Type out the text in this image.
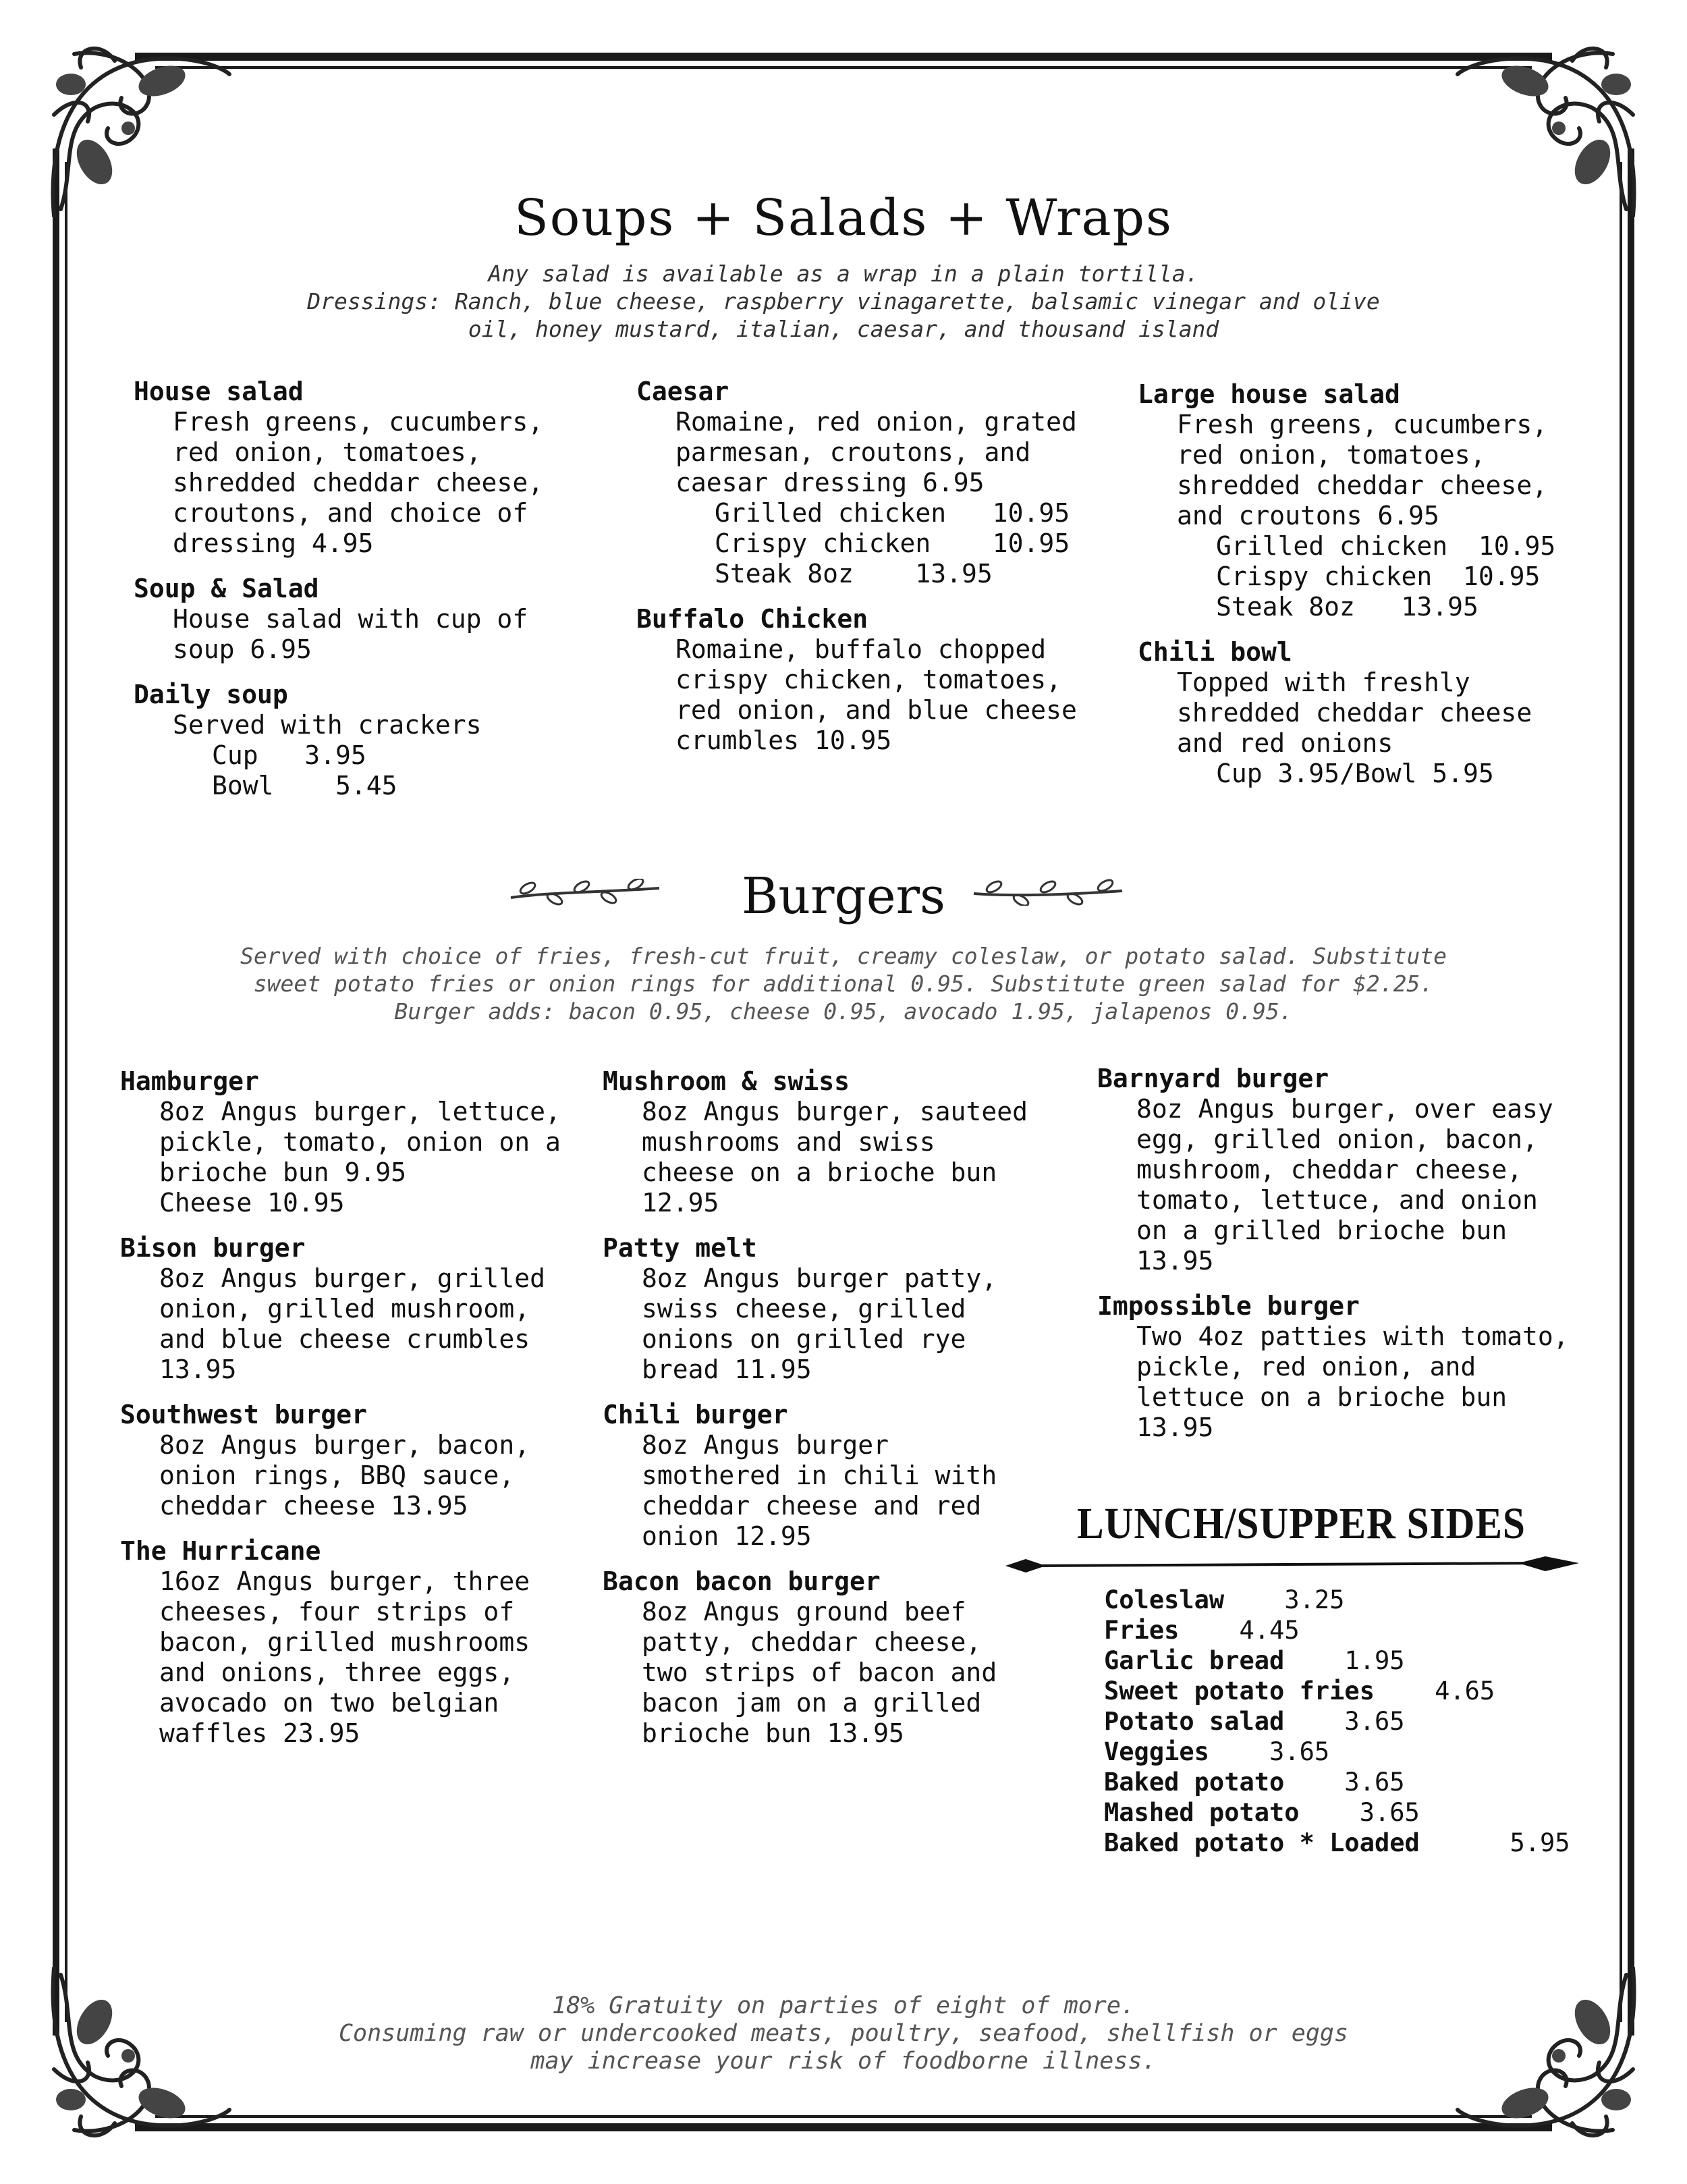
Soups + Salads + Wraps
Any salad is available as a wrap in a plain tortilla.
Dressings: Ranch, blue cheese, raspberry vinagarette, balsamic vinegar and olive
oil, honey mustard, italian, caesar, and thousand island
House salad
Fresh greens, cucumbers,
red onion, tomatoes,
shredded cheddar cheese,
croutons, and choice of
dressing 4.95
Soup & Salad
House salad with cup of
soup 6.95
Daily soup
Served with crackers
Cup   3.95
Bowl    5.45
Caesar
Romaine, red onion, grated
parmesan, croutons, and
caesar dressing 6.95
Grilled chicken   10.95
Crispy chicken    10.95
Steak 8oz    13.95
Buffalo Chicken
Romaine, buffalo chopped
crispy chicken, tomatoes,
red onion, and blue cheese
crumbles 10.95
Large house salad
Fresh greens, cucumbers,
red onion, tomatoes,
shredded cheddar cheese,
and croutons 6.95
Grilled chicken  10.95
Crispy chicken  10.95
Steak 8oz   13.95
Chili bowl
Topped with freshly
shredded cheddar cheese
and red onions
Cup 3.95/Bowl 5.95
Burgers
Served with choice of fries, fresh-cut fruit, creamy coleslaw, or potato salad. Substitute
sweet potato fries or onion rings for additional 0.95. Substitute green salad for $2.25.
Burger adds: bacon 0.95, cheese 0.95, avocado 1.95, jalapenos 0.95.
Hamburger
8oz Angus burger, lettuce,
pickle, tomato, onion on a
brioche bun 9.95
Cheese 10.95
Bison burger
8oz Angus burger, grilled
onion, grilled mushroom,
and blue cheese crumbles
13.95
Southwest burger
8oz Angus burger, bacon,
onion rings, BBQ sauce,
cheddar cheese 13.95
The Hurricane
16oz Angus burger, three
cheeses, four strips of
bacon, grilled mushrooms
and onions, three eggs,
avocado on two belgian
waffles 23.95
Mushroom & swiss
8oz Angus burger, sauteed
mushrooms and swiss
cheese on a brioche bun
12.95
Patty melt
8oz Angus burger patty,
swiss cheese, grilled
onions on grilled rye
bread 11.95
Chili burger
8oz Angus burger
smothered in chili with
cheddar cheese and red
onion 12.95
Bacon bacon burger
8oz Angus ground beef
patty, cheddar cheese,
two strips of bacon and
bacon jam on a grilled
brioche bun 13.95
Barnyard burger
8oz Angus burger, over easy
egg, grilled onion, bacon,
mushroom, cheddar cheese,
tomato, lettuce, and onion
on a grilled brioche bun
13.95
Impossible burger
Two 4oz patties with tomato,
pickle, red onion, and
lettuce on a brioche bun
13.95
LUNCH/SUPPER SIDES
Coleslaw 3.25
Fries 4.45
Garlic bread 1.95
Sweet potato fries 4.65
Potato salad 3.65
Veggies 3.65
Baked potato 3.65
Mashed potato 3.65
Baked potato * Loaded	5.95
18% Gratuity on parties of eight of more.
Consuming raw or undercooked meats, poultry, seafood, shellfish or eggs
may increase your risk of foodborne illness.
